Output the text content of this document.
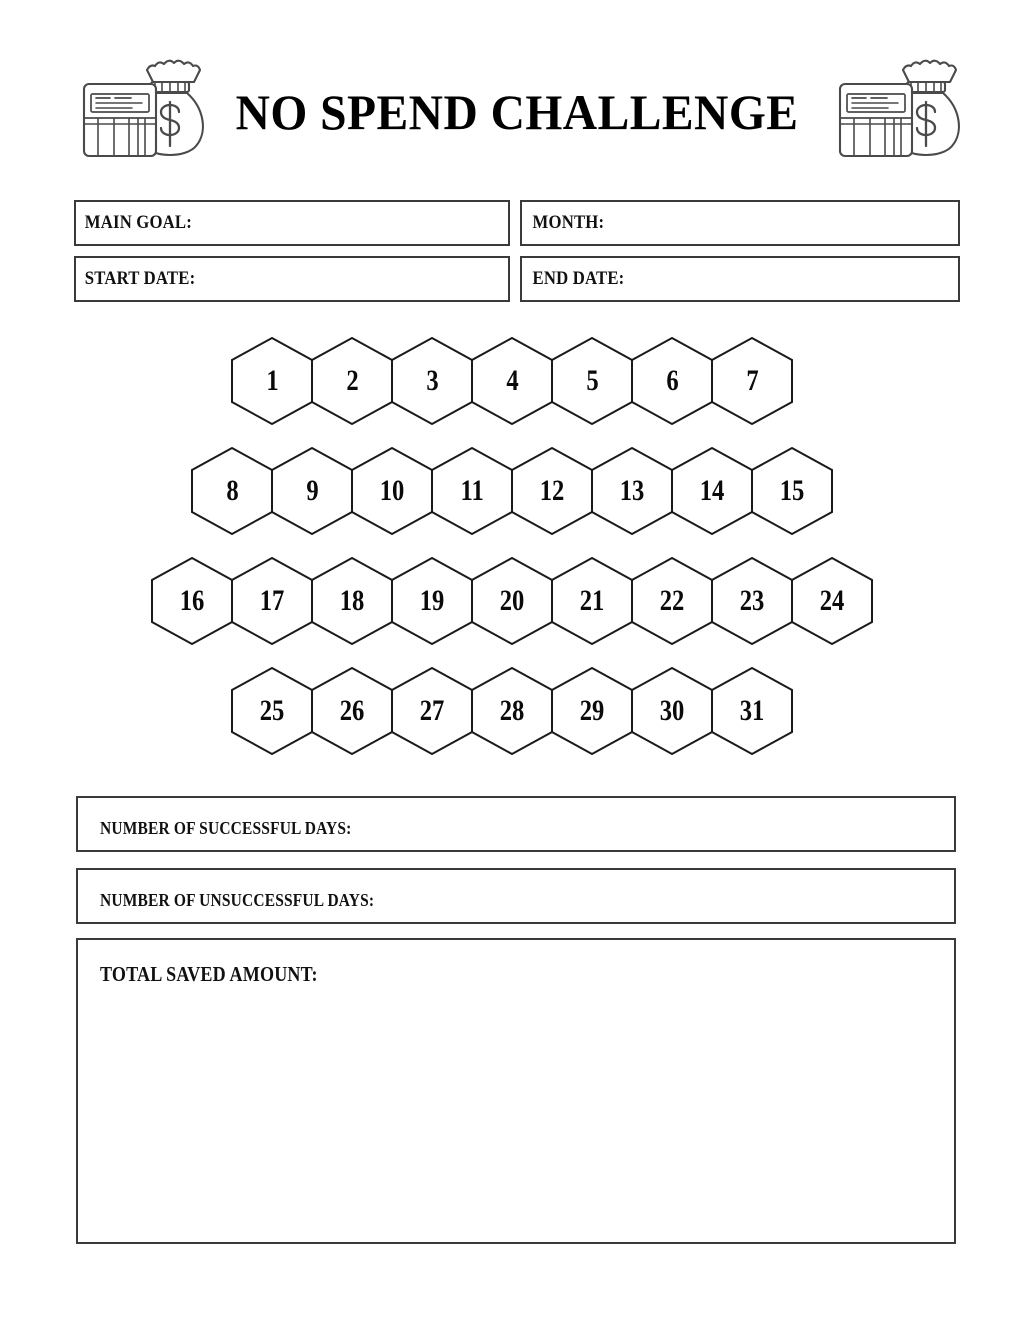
NO SPEND CHALLENGE
MAIN GOAL:	MONTH:
START DATE:	END DATE:
1 2 3 4 5 6 7
8 9 10 11 12 13 14 15
16 17 18 19 20 21 22 23 24
25 26 27 28 29 30 31
NUMBER OF SUCCESSFUL DAYS:
NUMBER OF UNSUCCESSFUL DAYS:
TOTAL SAVED AMOUNT:
